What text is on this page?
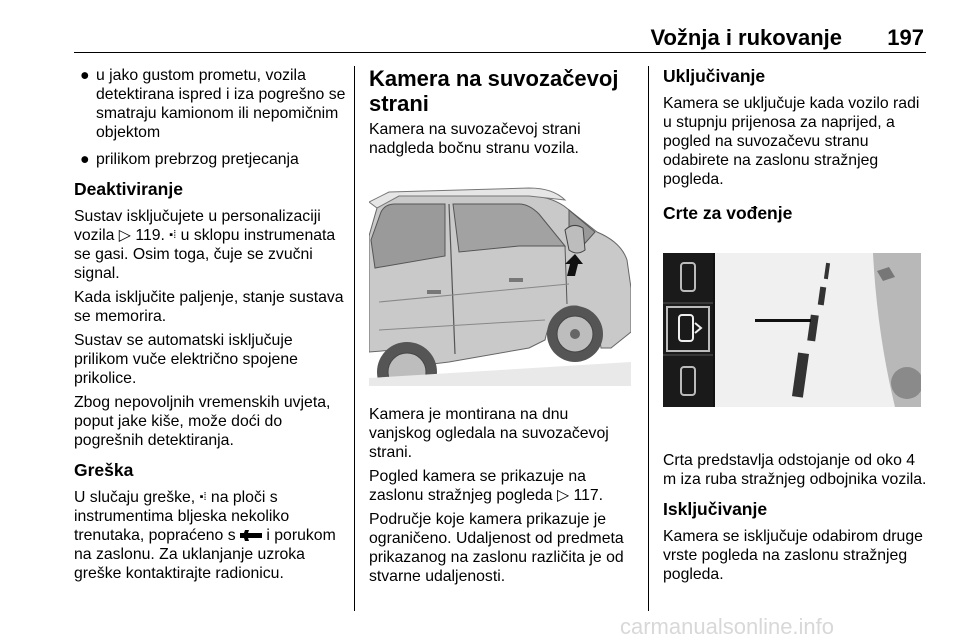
Vožnja i rukovanje 197
● u jako gustom prometu, vozila detektirana ispred i iza pogrešno se smatraju kamionom ili nepomičnim objektom
● prilikom prebrzog pretjecanja
Deaktiviranje

Sustav isključujete u personalizaciji vozila ▷ 119. ▪︎⁞ u sklopu instrumenata se gasi. Osim toga, čuje se zvučni signal.

Kada isključite paljenje, stanje sustava se memorira.

Sustav se automatski isključuje prilikom vuče električno spojene prikolice.

Zbog nepovoljnih vremenskih uvjeta, poput jake kiše, može doći do pogrešnih detektiranja.

Greška

U slučaju greške, ▪︎⁞ na ploči s instrumentima bljeska nekoliko trenutaka, popraćeno s i porukom na zaslonu. Za uklanjanje uzroka greške kontaktirajte radionicu.

Kamera na suvozačevoj strani

Kamera na suvozačevoj strani nadgleda bočnu stranu vozila.

Kamera je montirana na dnu vanjskog ogledala na suvozačevoj strani.

Pogled kamera se prikazuje na zaslonu stražnjeg pogleda ▷ 117.

Područje koje kamera prikazuje je ograničeno. Udaljenost od predmeta prikazanog na zaslonu različita je od stvarne udaljenosti.

Uključivanje

Kamera se uključuje kada vozilo radi u stupnju prijenosa za naprijed, a pogled na suvozačevu stranu odabirete na zaslonu stražnjeg pogleda.

Crte za vođenje

Crta predstavlja odstojanje od oko 4 m iza ruba stražnjeg odbojnika vozila.

Isključivanje

Kamera se isključuje odabirom druge vrste pogleda na zaslonu stražnjeg pogleda.

carmanualsonline.info
